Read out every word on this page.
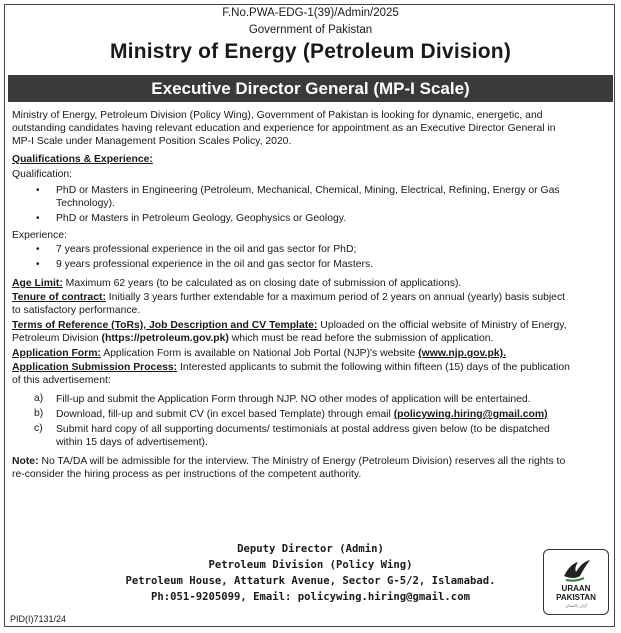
F.No.PWA-EDG-1(39)/Admin/2025
Government of Pakistan
Ministry of Energy (Petroleum Division)
Executive Director General (MP-I Scale)
Ministry of Energy, Petroleum Division (Policy Wing), Government of Pakistan is looking for dynamic, energetic, and
outstanding candidates having relevant education and experience for appointment as an Executive Director General in
MP-I Scale under Management Position Scales Policy, 2020.
Qualifications & Experience:
Qualification:
• PhD or Masters in Engineering (Petroleum, Mechanical, Chemical, Mining, Electrical, Refining, Energy or Gas
Technology).
• PhD or Masters in Petroleum Geology, Geophysics or Geology.
Experience:
• 7 years professional experience in the oil and gas sector for PhD;
• 9 years professional experience in the oil and gas sector for Masters.
Age Limit: Maximum 62 years (to be calculated as on closing date of submission of applications).
Tenure of contract: Initially 3 years further extendable for a maximum period of 2 years on annual (yearly) basis subject
to satisfactory performance.
Terms of Reference (ToRs), Job Description and CV Template: Uploaded on the official website of Ministry of Energy,
Petroleum Division (https://petroleum.gov.pk) which must be read before the submission of application.
Application Form: Application Form is available on National Job Portal (NJP)'s website (www.njp.gov.pk).
Application Submission Process: Interested applicants to submit the following within fifteen (15) days of the publication
of this advertisement:
a) Fill-up and submit the Application Form through NJP. NO other modes of application will be entertained.
b) Download, fill-up and submit CV (in excel based Template) through email (policywing.hiring@gmail.com)
c) Submit hard copy of all supporting documents/ testimonials at postal address given below (to be dispatched
within 15 days of advertisement).
Note: No TA/DA will be admissible for the interview. The Ministry of Energy (Petroleum Division) reserves all the rights to
re-consider the hiring process as per instructions of the competent authority.
Deputy Director (Admin)
Petroleum Division (Policy Wing)
Petroleum House, Attaturk Avenue, Sector G-5/2, Islamabad.
Ph:051-9205099, Email: policywing.hiring@gmail.com
URAAN
PAKISTAN
اُڑان پاکستان
PID(I)7131/24
